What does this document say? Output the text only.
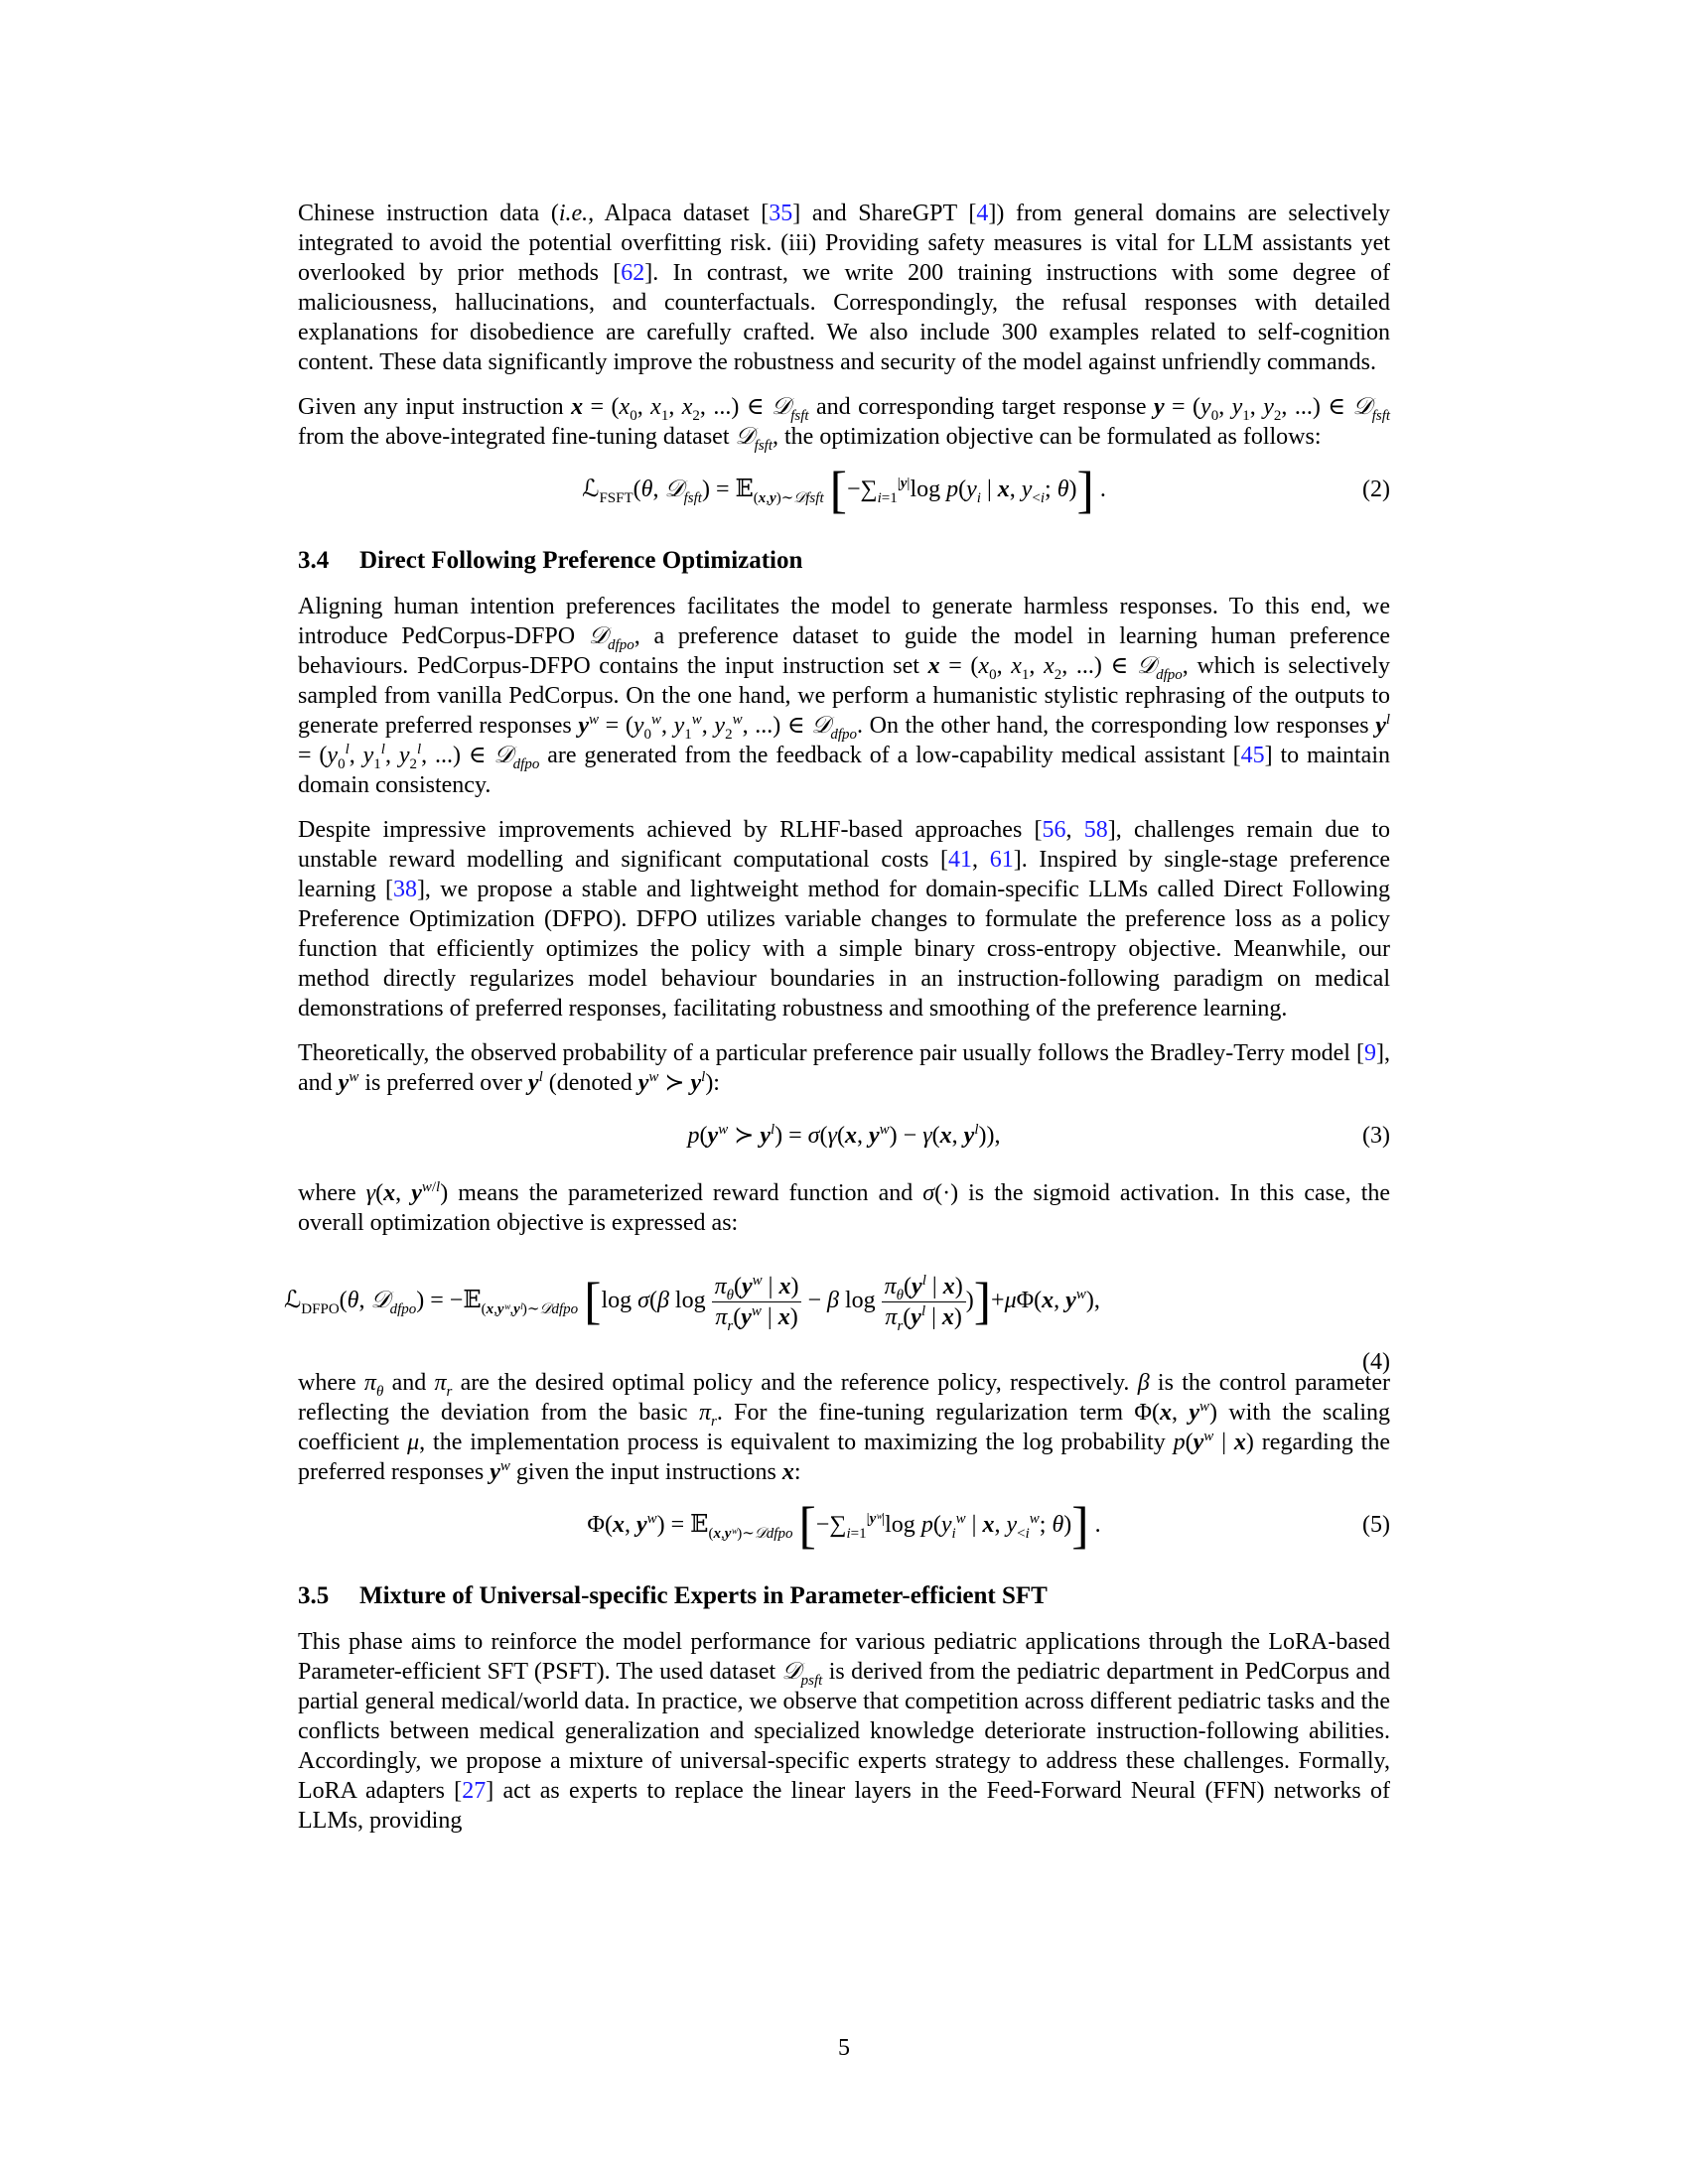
Chinese instruction data (i.e., Alpaca dataset [35] and ShareGPT [4]) from general domains are selectively integrated to avoid the potential overfitting risk. (iii) Providing safety measures is vital for LLM assistants yet overlooked by prior methods [62]. In contrast, we write 200 training instructions with some degree of maliciousness, hallucinations, and counterfactuals. Correspondingly, the refusal responses with detailed explanations for disobedience are carefully crafted. We also include 300 examples related to self-cognition content. These data significantly improve the robustness and security of the model against unfriendly commands.

Given any input instruction $x = (x_0$, $x_1$, $x_2$, ...) ∈ 𝒟$_{fsft}$ and corresponding target response $y = (y_0$, $y_1$, $y_2$, ...) ∈ 𝒟$_{fsft}$ from the above-integrated fine-tuning dataset 𝒟$_{fsft}$, the optimization objective can be formulated as follows:

ℒ$_{FSFT}$(θ, 𝒟$_{fsft}$) = 𝔼$_{(x,y)\sim 𝒟fsft}$ [$-\sum_{i=1}^{|y|}\log$ $p(y_i$ | x, $y_{<i}$; θ)] .	(2)
3.4 Direct Following Preference Optimization

Aligning human intention preferences facilitates the model to generate harmless responses. To this end, we introduce PedCorpus-DFPO 𝒟$_{dfpo}$, a preference dataset to guide the model in learning human preference behaviours. PedCorpus-DFPO contains the input instruction set $x = (x_0$, $x_1$, $x_2$, ...) ∈ 𝒟$_{dfpo}$, which is selectively sampled from vanilla PedCorpus. On the one hand, we perform a humanistic stylistic rephrasing of the outputs to generate preferred responses $y^w = (y_0^w$, $y_1^w$, $y_2^w$, ...) ∈ 𝒟$_{dfpo}$. On the other hand, the corresponding low responses $y^l = (y_0^l$, $y_1^l$, $y_2^l$, ...) ∈ 𝒟$_{dfpo}$ are generated from the feedback of a low-capability medical assistant [45] to maintain domain consistency.

Despite impressive improvements achieved by RLHF-based approaches [56, 58], challenges remain due to unstable reward modelling and significant computational costs [41, 61]. Inspired by single-stage preference learning [38], we propose a stable and lightweight method for domain-specific LLMs called Direct Following Preference Optimization (DFPO). DFPO utilizes variable changes to formulate the preference loss as a policy function that efficiently optimizes the policy with a simple binary cross-entropy objective. Meanwhile, our method directly regularizes model behaviour boundaries in an instruction-following paradigm on medical demonstrations of preferred responses, facilitating robustness and smoothing of the preference learning.

Theoretically, the observed probability of a particular preference pair usually follows the Bradley-Terry model [9], and $y^w$ is preferred over $y^l$ (denoted $y^w$ ≻ $y^l$):

$p(y^w$ ≻ $y^l) = \sigma(\gamma(x$, $y^w) - \gamma(x$, $y^l$)),	(3)

where γ(x, $y^{w/l}$) means the parameterized reward function and σ(·) is the sigmoid activation. In this case, the overall optimization objective is expressed as:

ℒ$_{DFPO}$(θ, 𝒟$_{dfpo}$) = −𝔼$_{(x,yʷ,yˡ)\sim 𝒟dfpo}$ [log σ(β $\log \frac{\pi_\theta(y^w | x)}{\pi_r(y^w | x)} - \beta$ $\log \frac{\pi_\theta(y^l | x)}{\pi_r(y^l | x)} )]+\mu\Phi(x$, $y^w$),
(4)

where $\pi_\theta$ and $\pi_r$ are the desired optimal policy and the reference policy, respectively. β is the control parameter reflecting the deviation from the basic $\pi_r$. For the fine-tuning regularization term Φ(x, $y^w$) with the scaling coefficient μ, the implementation process is equivalent to maximizing the log probability $p(y^w$ | x) regarding the preferred responses $y^w$ given the input instructions x:

Φ(x, $y^w$) = 𝔼$_{(x,yʷ)\sim 𝒟dfpo}$ [$-\sum_{i=1}^{|yʷ|}\log$ $p(y_i^w$ | x, $y_{<i}^w$; θ)] .	(5)
3.5 Mixture of Universal-specific Experts in Parameter-efficient SFT

This phase aims to reinforce the model performance for various pediatric applications through the LoRA-based Parameter-efficient SFT (PSFT). The used dataset 𝒟$_{psft}$ is derived from the pediatric department in PedCorpus and partial general medical/world data. In practice, we observe that competition across different pediatric tasks and the conflicts between medical generalization and specialized knowledge deteriorate instruction-following abilities. Accordingly, we propose a mixture of universal-specific experts strategy to address these challenges. Formally, LoRA adapters [27] act as experts to replace the linear layers in the Feed-Forward Neural (FFN) networks of LLMs, providing

5
